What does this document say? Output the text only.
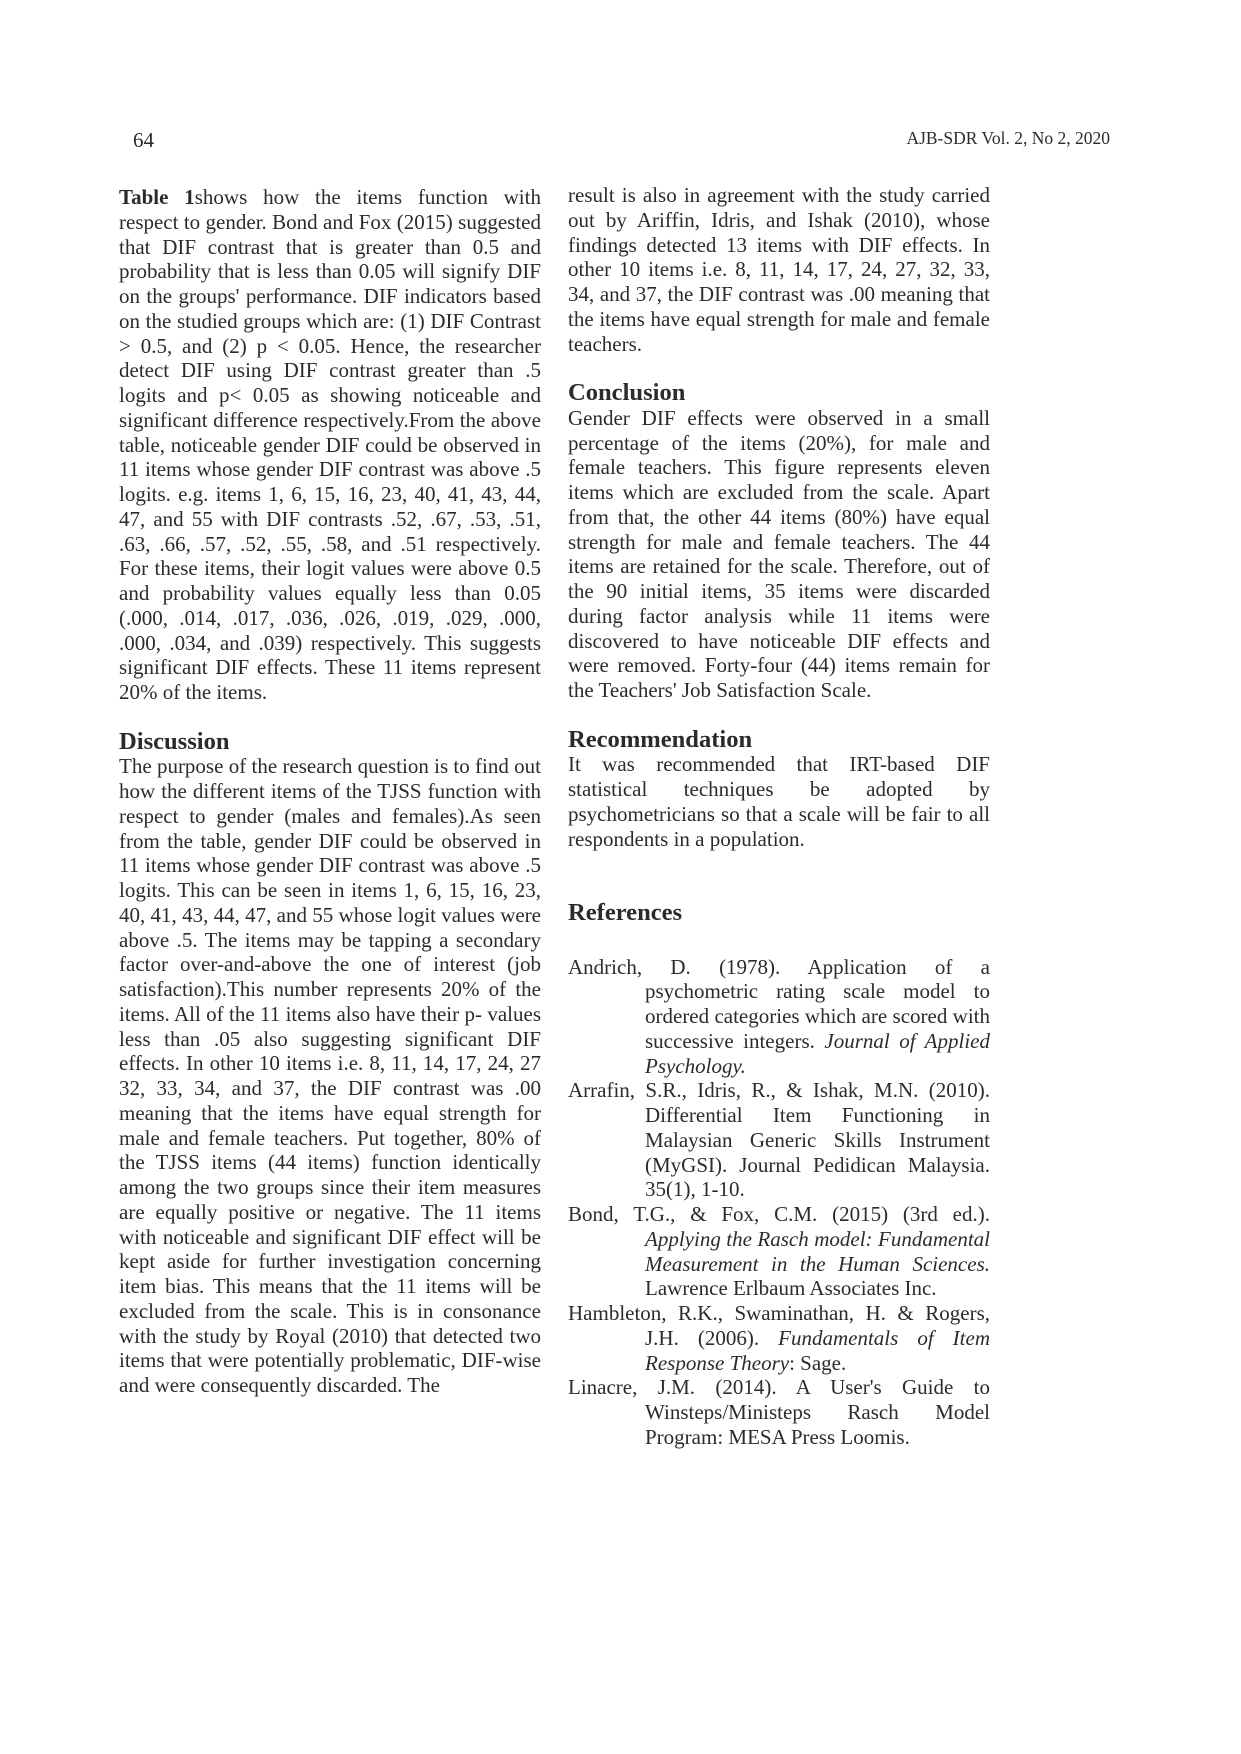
64	AJB-SDR Vol. 2, No 2, 2020

Table 1shows how the items function with respect to gender. Bond and Fox (2015) suggested that DIF contrast that is greater than 0.5 and probability that is less than 0.05 will signify DIF on the groups' performance. DIF indicators based on the studied groups which are: (1) DIF Contrast > 0.5, and (2) p < 0.05. Hence, the researcher detect DIF using DIF contrast greater than .5 logits and p< 0.05 as showing noticeable and significant difference respectively.From the above table, noticeable gender DIF could be observed in 11 items whose gender DIF contrast was above .5 logits. e.g. items 1, 6, 15, 16, 23, 40, 41, 43, 44, 47, and 55 with DIF contrasts .52, .67, .53, .51, .63, .66, .57, .52, .55, .58, and .51 respectively. For these items, their logit values were above 0.5 and probability values equally less than 0.05 (.000, .014, .017, .036, .026, .019, .029, .000, .000, .034, and .039) respectively. This suggests significant DIF effects. These 11 items represent 20% of the items.

Discussion

The purpose of the research question is to find out how the different items of the TJSS function with respect to gender (males and females).As seen from the table, gender DIF could be observed in 11 items whose gender DIF contrast was above .5 logits. This can be seen in items 1, 6, 15, 16, 23, 40, 41, 43, 44, 47, and 55 whose logit values were above .5. The items may be tapping a secondary factor over-and-above the one of interest (job satisfaction).This number represents 20% of the items. All of the 11 items also have their p- values less than .05 also suggesting significant DIF effects. In other 10 items i.e. 8, 11, 14, 17, 24, 27 32, 33, 34, and 37, the DIF contrast was .00 meaning that the items have equal strength for male and female teachers. Put together, 80% of the TJSS items (44 items) function identically among the two groups since their item measures are equally positive or negative. The 11 items with noticeable and significant DIF effect will be kept aside for further investigation concerning item bias. This means that the 11 items will be excluded from the scale. This is in consonance with the study by Royal (2010) that detected two items that were potentially problematic, DIF-wise and were consequently discarded. The

result is also in agreement with the study carried out by Ariffin, Idris, and Ishak (2010), whose findings detected 13 items with DIF effects. In other 10 items i.e. 8, 11, 14, 17, 24, 27, 32, 33, 34, and 37, the DIF contrast was .00 meaning that the items have equal strength for male and female teachers.

Conclusion

Gender DIF effects were observed in a small percentage of the items (20%), for male and female teachers. This figure represents eleven items which are excluded from the scale. Apart from that, the other 44 items (80%) have equal strength for male and female teachers. The 44 items are retained for the scale. Therefore, out of the 90 initial items, 35 items were discarded during factor analysis while 11 items were discovered to have noticeable DIF effects and were removed. Forty-four (44) items remain for the Teachers' Job Satisfaction Scale.

Recommendation

It was recommended that IRT-based DIF statistical techniques be adopted by psychometricians so that a scale will be fair to all respondents in a population.

References

Andrich, D. (1978). Application of a psychometric rating scale model to ordered categories which are scored with successive integers. Journal of Applied Psychology.

Arrafin, S.R., Idris, R., & Ishak, M.N. (2010). Differential Item Functioning in Malaysian Generic Skills Instrument (MyGSI). Journal Pedidican Malaysia. 35(1), 1-10.

Bond, T.G., & Fox, C.M. (2015) (3rd ed.). Applying the Rasch model: Fundamental Measurement in the Human Sciences. Lawrence Erlbaum Associates Inc.

Hambleton, R.K., Swaminathan, H. & Rogers, J.H. (2006). Fundamentals of Item Response Theory: Sage.

Linacre, J.M. (2014). A User's Guide to Winsteps/Ministeps Rasch Model Program: MESA Press Loomis.
